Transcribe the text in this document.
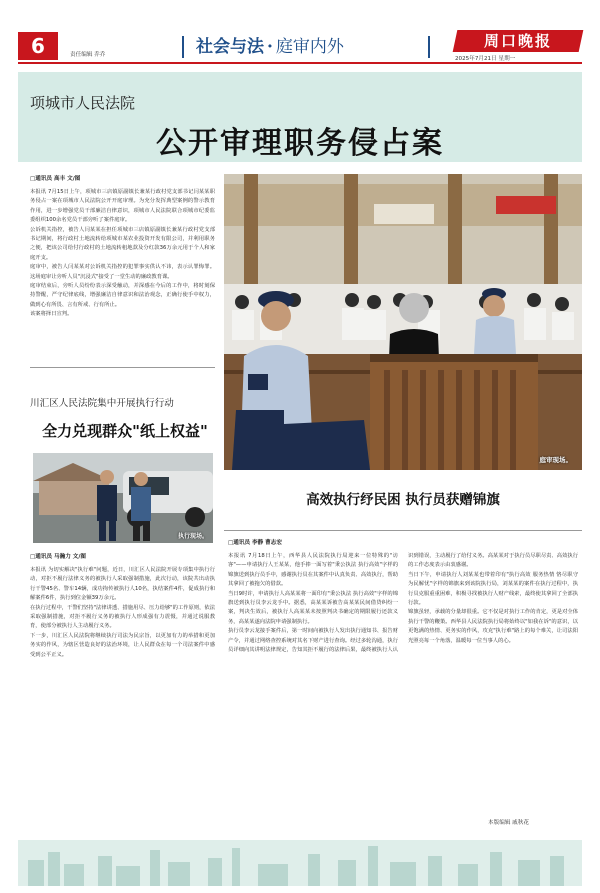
6	责任编辑 乔乔	社会与法 · 庭审内外	周口晚报
2025年7月21日 星期一
项城市人民法院
公开审理职务侵占案
□通讯员 高丰 文/图
本报讯 7月15日上午，项城市三店镇原副镇长兼某行政村党支部书记闫某某职务侵占一案在项城市人民法院公开开庭审理。为充分发挥典型案例的警示教育作用，进一步增强党员干部廉洁自律意识，项城市人民法院联合项城市纪委监委组织100余名党员干部旁听了案件庭审。
公诉机关指控，被告人闫某某在担任项城市三店镇原副镇长兼某行政村党支部书记期间，将行政村土地流转给项城市某农业投资开发有限公司，并利用职务之便，把该公司给付行政村的土地流转租地款及分红款36万余元用于个人和家庭开支。
庭审中，被告人闫某某对公诉机关指控的犯罪事实供认不讳，表示认罪悔罪。这场庭审让旁听人员"沉浸式"接受了一堂生动的廉政教育课。
庭审结束后，旁听人员纷纷表示深受触动，并深感在今后的工作中，将时刻保持警醒，严守纪律底线，增强廉洁自律意识和法治观念，正确行使手中权力，做到心有所畏、言有所戒、行有所止。
该案将择日宣判。
庭审现场。
川汇区人民法院集中开展执行行动
全力兑现群众"纸上权益"
执行现场。
□通讯员 马瀚力 文/图
本报讯 为切实解决"执行难"问题，近日，川汇区人民法院开展专项集中执行行动，对拒不履行法律义务的被执行人采取强制措施，此次行动，该院共出动执行干警45名、警车14辆，成功拘传被执行人10名，执结案件4件，促成执行和解案件6件，执行到位金额39万余元。
在执行过程中，干警们坚持"法律讲透、措施用尽、压力给够"的工作原则，依法采取强制措施，对拒不履行义务的被执行人形成强有力震慑，并通过说服教育，使部分被执行人主动履行义务。
下一步，川汇区人民法院将继续执行司法为民宗旨，以更加有力的举措和更加务实的作风，为辖区营造良好的法治环境，让人民群众在每一个司法案件中感受到公平正义。
高效执行纾民困 执行员获赠锦旗
□通讯员 李静 曹志宏
本报讯 7月18日上午，西华县人民法院执行局迎来一位特殊的"访客"——申请执行人王某某，他手捧一面写着"秉公执法 执行高效"字样的锦旗送到执行员手中，感谢执行员在其案件中认真负责、高效执行，帮助其拿回了被拖欠的借款。
当日9时许，申请执行人高某某将一面印有"秉公执法 执行高效"字样的锦旗送到执行员李云龙手中。据悉，高某某诉被告高某某民间借贷纠纷一案，判决生效后，被执行人高某某未按照判决书确定的期限履行还款义务，高某某遂向法院申请强制执行。
执行员李云龙接手案件后，第一时间向被执行人发出执行通知书、报告财产令，并通过网络查控系统对其名下财产进行查询。经过多轮沟通，执行员详细向其讲明法律规定，告知其拒不履行的法律后果，最终被执行人认识到错误，主动履行了给付义务。高某某对于执行员尽职尽责、高效执行的工作态度表示由衷感谢。
当日下午，申请执行人刘某某也带着印有"执行高效 服务热情 恪尽职守 为民解忧"字样的锦旗来到该院执行局，刘某某的案件在执行过程中，执行员克服重重困难，积极寻找被执行人财产线索，最终使其拿回了全部执行款。
锦旗虽轻，承载的分量却很重。它不仅是对执行工作的肯定，更是对全体执行干警的鞭策。西华县人民法院执行局将始终以"如我在诉"的意识，以更饱满的热情、更务实的作风，攻克"执行难"路上的每个难关，让司法阳光照亮每一个角落，温暖每一位当事人的心。
本版编辑 戚秋花
